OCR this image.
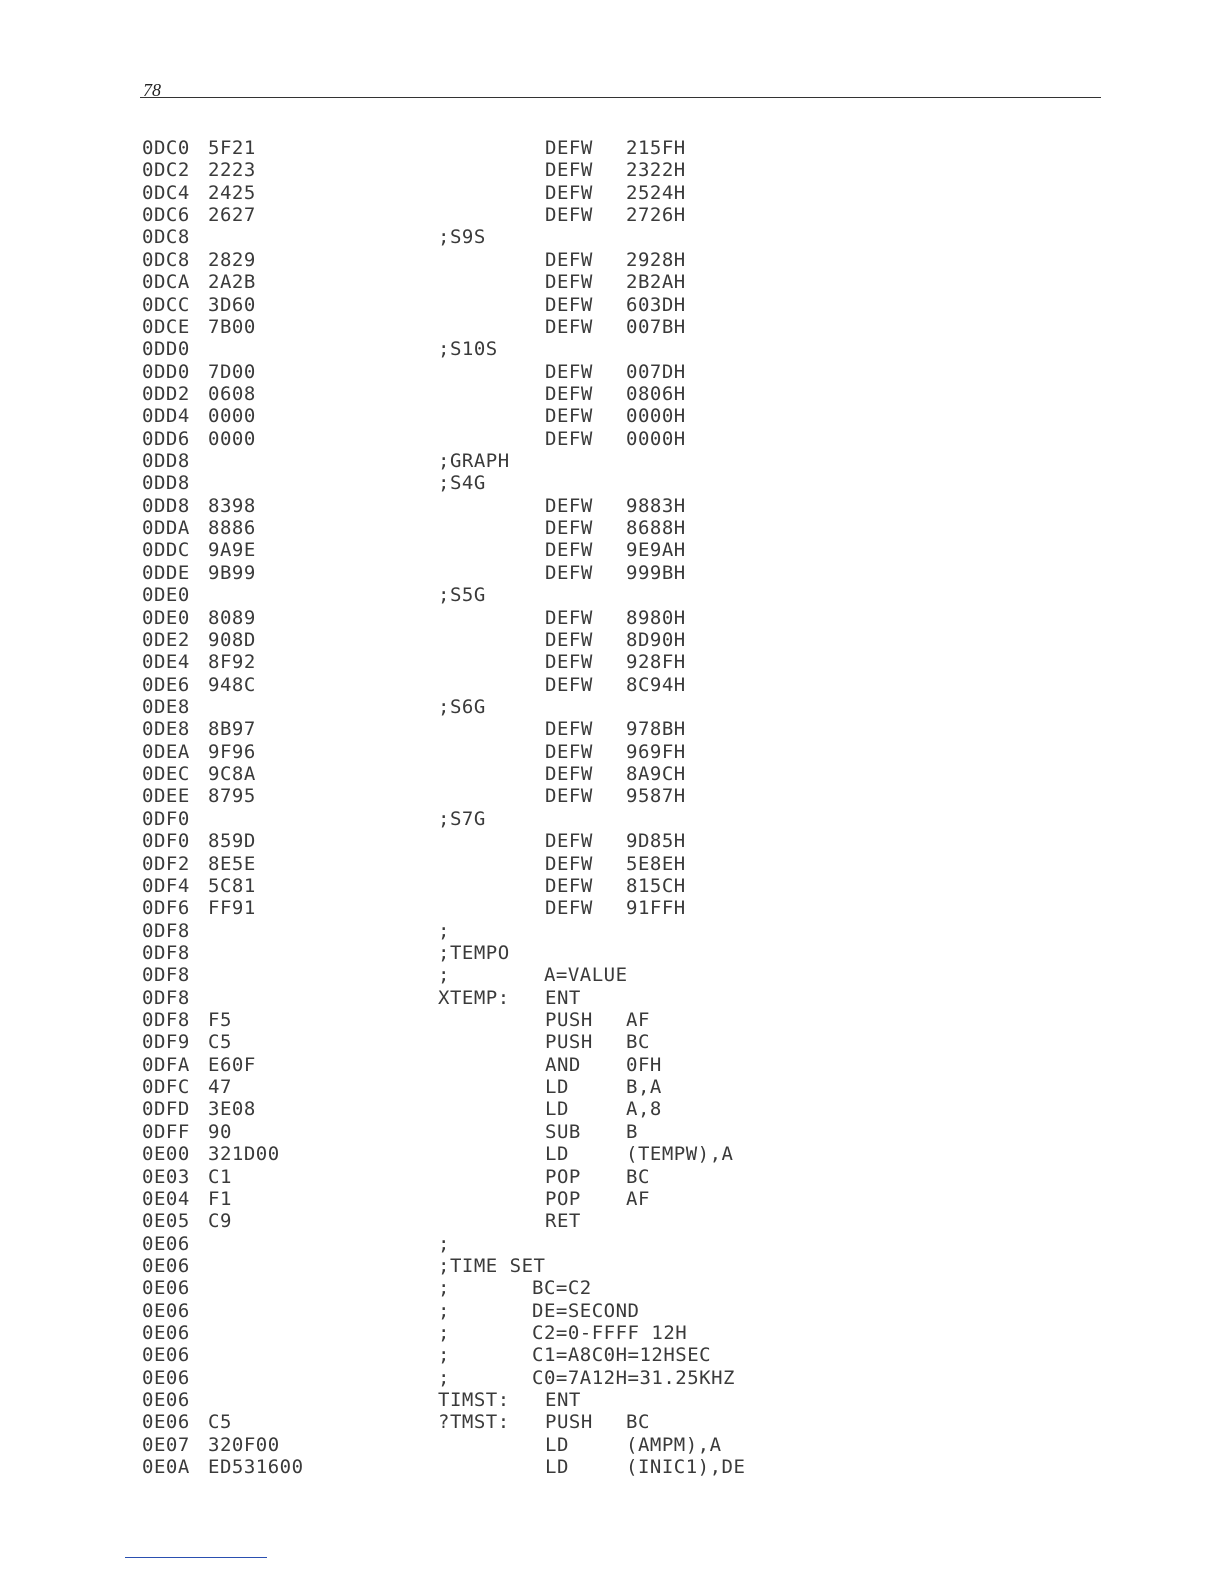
78
0DC0 5F21	DEFW 215FH
0DC2 2223	DEFW 2322H
0DC4 2425	DEFW 2524H
0DC6 2627	DEFW 2726H
0DC8	;S9S
0DC8 2829	DEFW 2928H
0DCA 2A2B	DEFW 2B2AH
0DCC 3D60	DEFW 603DH
0DCE 7B00	DEFW 007BH
0DD0	;S10S
0DD0 7D00	DEFW 007DH
0DD2 0608	DEFW 0806H
0DD4 0000	DEFW 0000H
0DD6 0000	DEFW 0000H
0DD8	;GRAPH
0DD8	;S4G
0DD8 8398	DEFW 9883H
0DDA 8886	DEFW 8688H
0DDC 9A9E	DEFW 9E9AH
0DDE 9B99	DEFW 999BH
0DE0	;S5G
0DE0 8089	DEFW 8980H
0DE2 908D	DEFW 8D90H
0DE4 8F92	DEFW 928FH
0DE6 948C	DEFW 8C94H
0DE8	;S6G
0DE8 8B97	DEFW 978BH
0DEA 9F96	DEFW 969FH
0DEC 9C8A	DEFW 8A9CH
0DEE 8795	DEFW 9587H
0DF0	;S7G
0DF0 859D	DEFW 9D85H
0DF2 8E5E	DEFW 5E8EH
0DF4 5C81	DEFW 815CH
0DF6 FF91	DEFW 91FFH
0DF8	;
0DF8	;TEMPO
0DF8	;	A=VALUE
0DF8	XTEMP: ENT
0DF8 F5	PUSH AF
0DF9 C5	PUSH BC
0DFA E60F	AND 0FH
0DFC 47	LD	B,A
0DFD 3E08	LD	A,8
0DFF 90	SUB B
0E00 321D00	LD	(TEMPW),A
0E03 C1	POP BC
0E04 F1	POP AF
0E05 C9	RET
0E06	;
0E06	;TIME SET
0E06	;	BC=C2
0E06	;	DE=SECOND
0E06	;	C2=0-FFFF 12H
0E06	;	C1=A8C0H=12HSEC
0E06	;	C0=7A12H=31.25KHZ
0E06	TIMST: ENT
0E06 C5	?TMST: PUSH BC
0E07 320F00	LD	(AMPM),A
0E0A ED531600	LD	(INIC1),DE
